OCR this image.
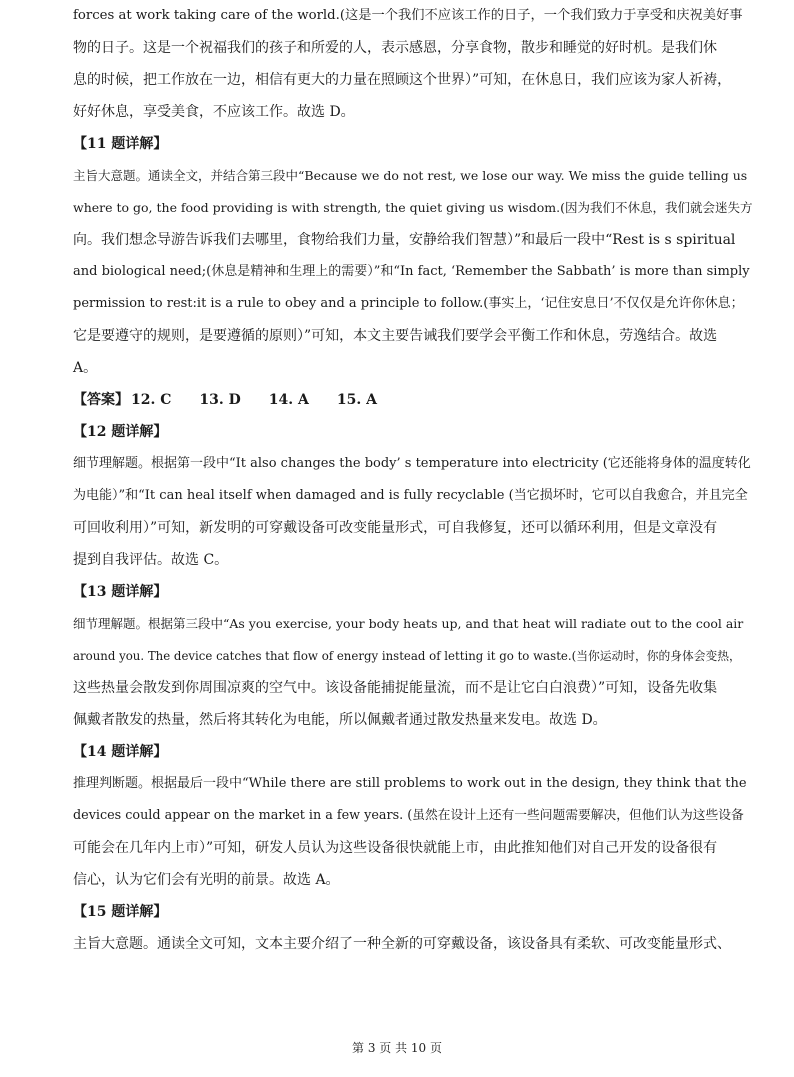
forces at work taking care of the world.(这是一个我们不应该工作的日子，一个我们致力于享受和庆祝美好事
物的日子。这是一个祝福我们的孩子和所爱的人，表示感恩，分享食物，散步和睡觉的好时机。是我们休
息的时候，把工作放在一边，相信有更大的力量在照顾这个世界）”可知，在休息日，我们应该为家人祈祷，
好好休息，享受美食，不应该工作。故选 D。
【11 题详解】
主旨大意题。通读全文，并结合第三段中“Because we do not rest, we lose our way. We miss the guide telling us
where to go, the food providing is with strength, the quiet giving us wisdom.(因为我们不休息，我们就会迷失方
向。我们想念导游告诉我们去哪里，食物给我们力量，安静给我们智慧）”和最后一段中“Rest is s spiritual
and biological need;(休息是精神和生理上的需要）”和“In fact, ‘Remember the Sabbath’ is more than simply
permission to rest:it is a rule to obey and a principle to follow.(事实上，‘记住安息日’不仅仅是允许你休息；
它是要遵守的规则，是要遵循的原则）”可知，本文主要告诫我们要学会平衡工作和休息，劳逸结合。故选
A。
【答案】 12. C 13. D 14. A 15. A
【12 题详解】
细节理解题。根据第一段中“It also changes the body’ s temperature into electricity (它还能将身体的温度转化
为电能）”和“It can heal itself when damaged and is fully recyclable (当它损坏时，它可以自我愈合，并且完全
可回收利用）”可知，新发明的可穿戴设备可改变能量形式，可自我修复，还可以循环利用，但是文章没有
提到自我评估。故选 C。
【13 题详解】
细节理解题。根据第三段中“As you exercise, your body heats up, and that heat will radiate out to the cool air
around you. The device catches that flow of energy instead of letting it go to waste.(当你运动时，你的身体会变热，
这些热量会散发到你周围凉爽的空气中。该设备能捕捉能量流，而不是让它白白浪费）”可知，设备先收集
佩戴者散发的热量，然后将其转化为电能，所以佩戴者通过散发热量来发电。故选 D。
【14 题详解】
推理判断题。根据最后一段中“While there are still problems to work out in the design, they think that the
devices could appear on the market in a few years. (虽然在设计上还有一些问题需要解决，但他们认为这些设备
可能会在几年内上市）”可知，研发人员认为这些设备很快就能上市，由此推知他们对自己开发的设备很有
信心，认为它们会有光明的前景。故选 A。
【15 题详解】
主旨大意题。通读全文可知，文本主要介绍了一种全新的可穿戴设备，该设备具有柔软、可改变能量形式、
第 3 页 共 10 页
